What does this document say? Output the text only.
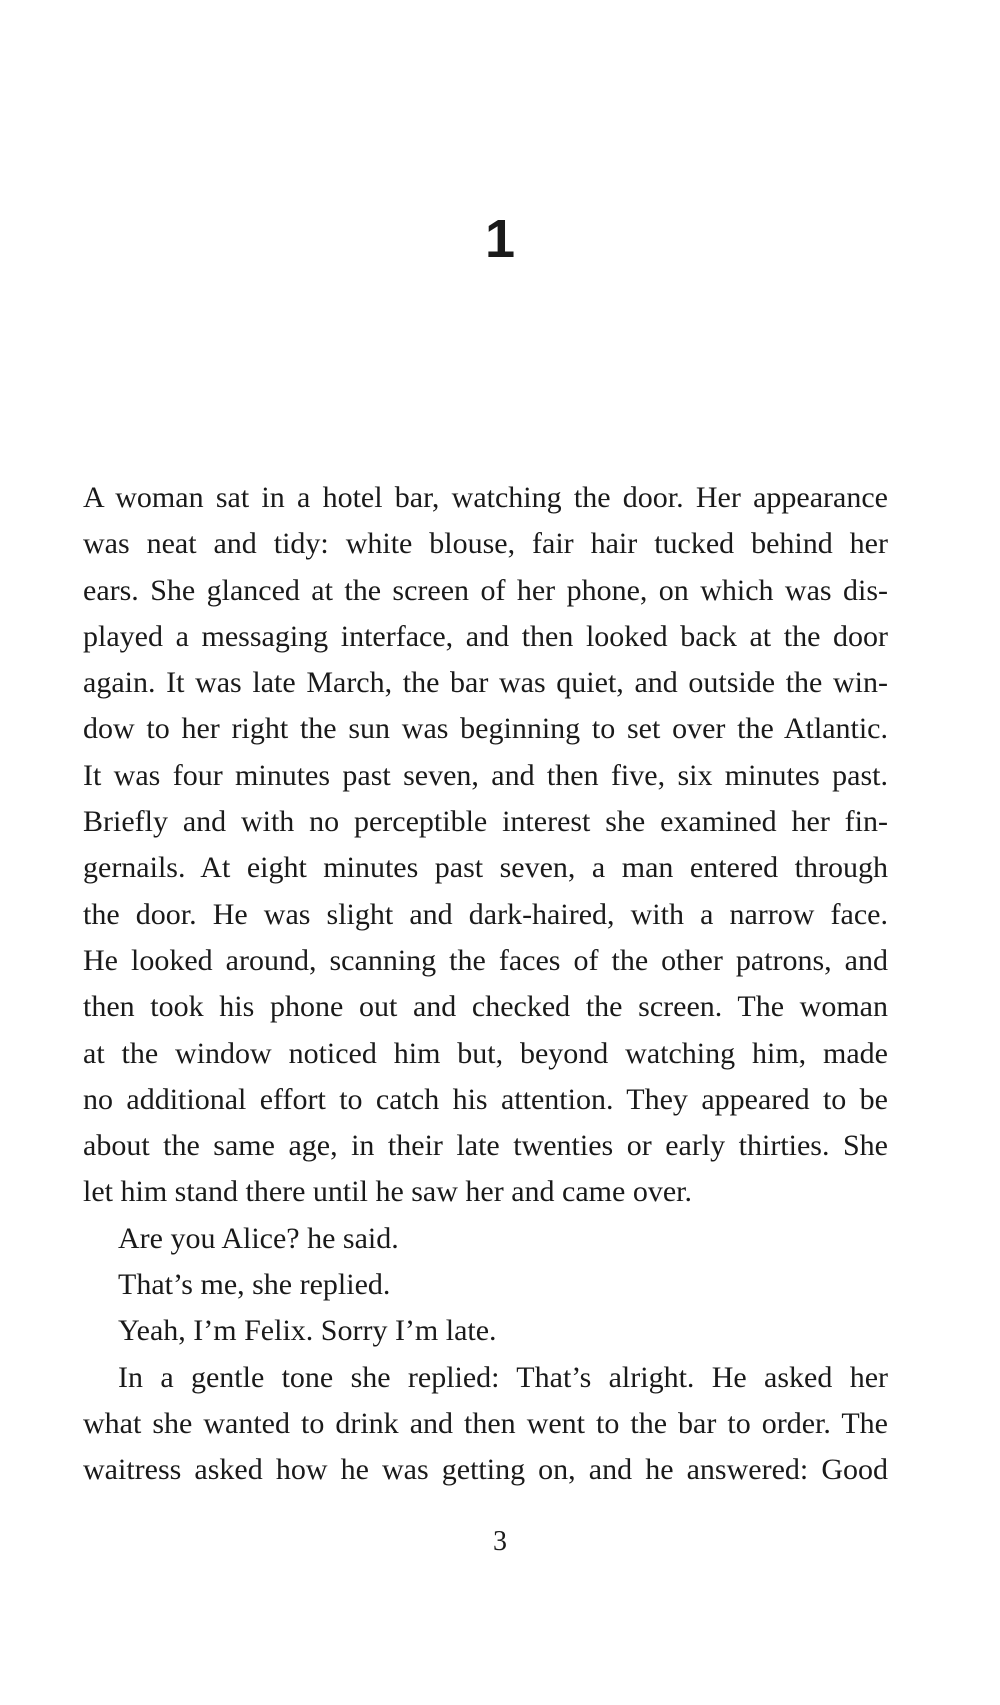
1
A woman sat in a hotel bar, watching the door. Her appearance
was neat and tidy: white blouse, fair hair tucked behind her
ears. She glanced at the screen of her phone, on which was dis-
played a messaging interface, and then looked back at the door
again. It was late March, the bar was quiet, and outside the win-
dow to her right the sun was beginning to set over the Atlantic.
It was four minutes past seven, and then five, six minutes past.
Briefly and with no perceptible interest she examined her fin-
gernails. At eight minutes past seven, a man entered through
the door. He was slight and dark-haired, with a narrow face.
He looked around, scanning the faces of the other patrons, and
then took his phone out and checked the screen. The woman
at the window noticed him but, beyond watching him, made
no additional effort to catch his attention. They appeared to be
about the same age, in their late twenties or early thirties. She
let him stand there until he saw her and came over.
Are you Alice? he said.
That’s me, she replied.
Yeah, I’m Felix. Sorry I’m late.
In a gentle tone she replied: That’s alright. He asked her
what she wanted to drink and then went to the bar to order. The
waitress asked how he was getting on, and he answered: Good
3
